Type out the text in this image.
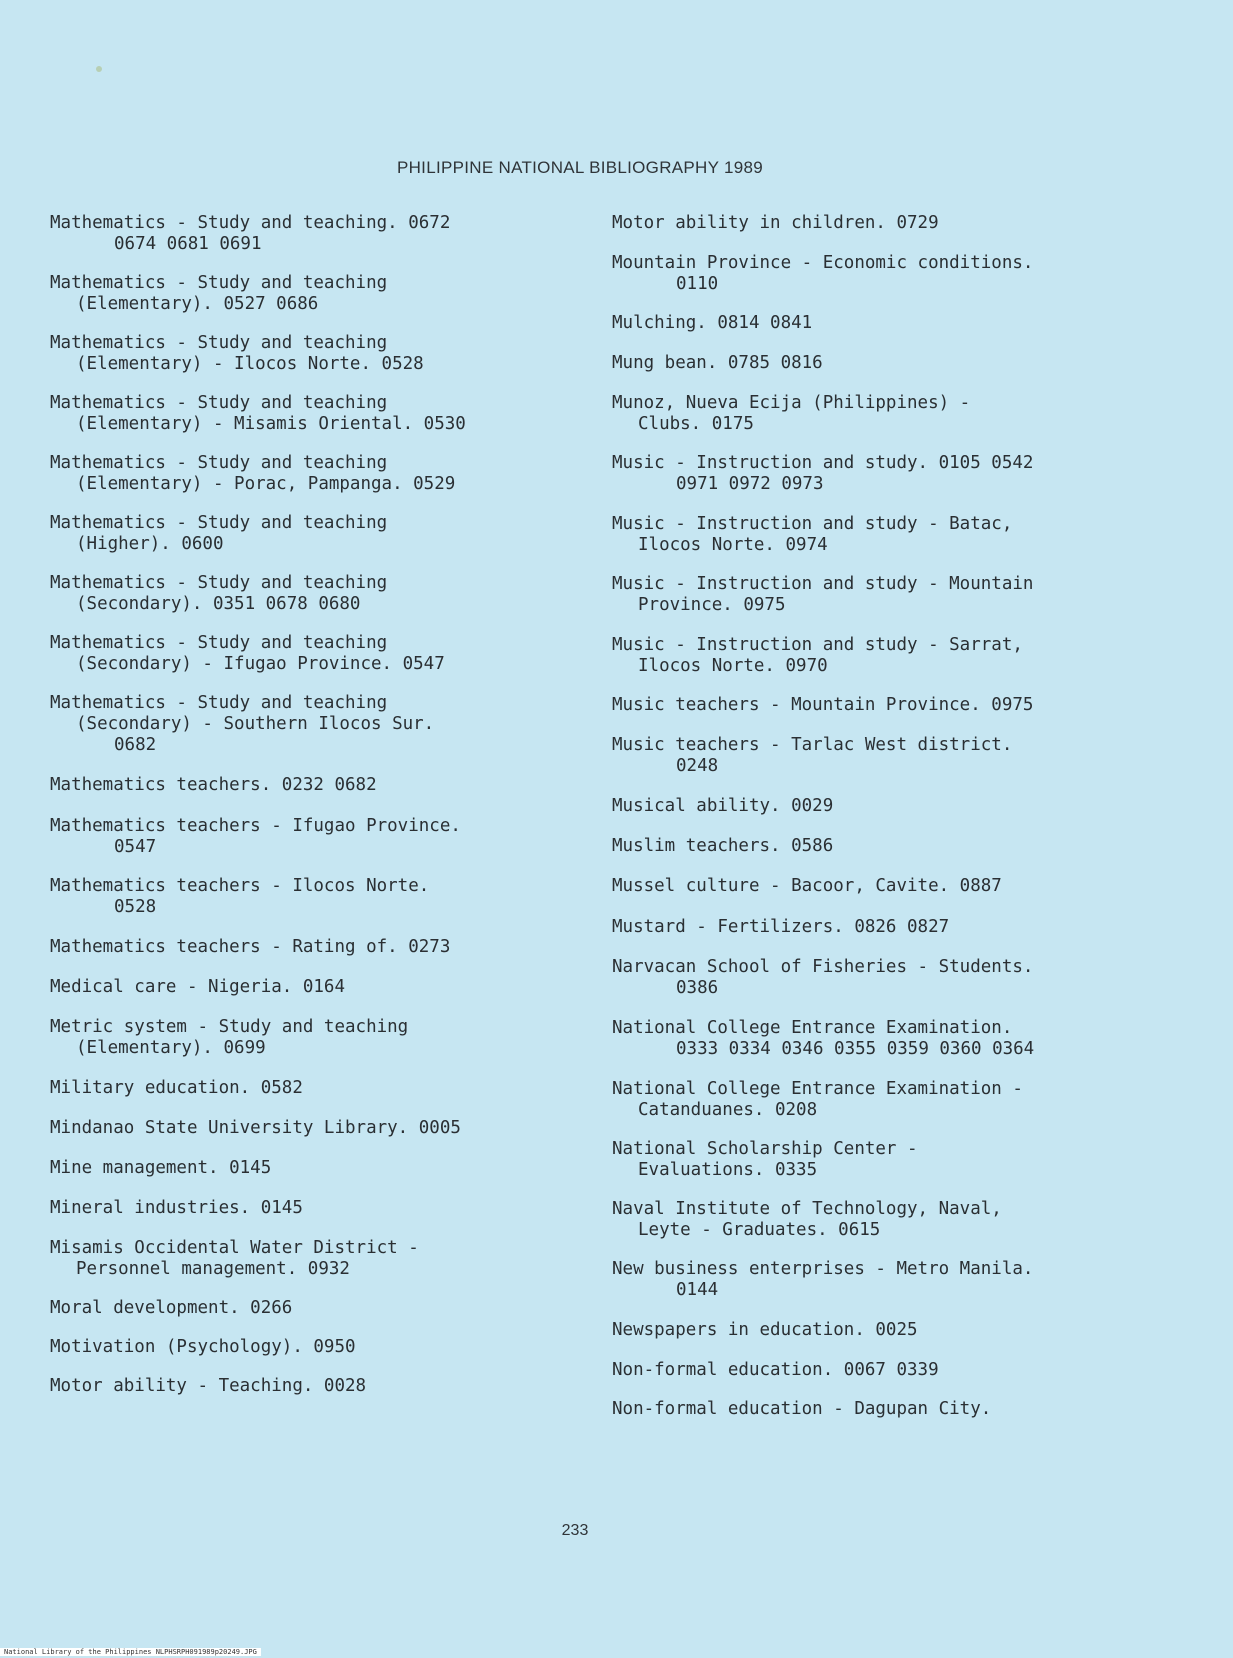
PHILIPPINE NATIONAL BIBLIOGRAPHY 1989
Mathematics - Study and teaching. 0672
0674 0681 0691
Mathematics - Study and teaching
(Elementary). 0527 0686
Mathematics - Study and teaching
(Elementary) - Ilocos Norte. 0528
Mathematics - Study and teaching
(Elementary) - Misamis Oriental. 0530
Mathematics - Study and teaching
(Elementary) - Porac, Pampanga. 0529
Mathematics - Study and teaching
(Higher). 0600
Mathematics - Study and teaching
(Secondary). 0351 0678 0680
Mathematics - Study and teaching
(Secondary) - Ifugao Province. 0547
Mathematics - Study and teaching
(Secondary) - Southern Ilocos Sur.
0682
Mathematics teachers. 0232 0682
Mathematics teachers - Ifugao Province.
0547
Mathematics teachers - Ilocos Norte.
0528
Mathematics teachers - Rating of. 0273
Medical care - Nigeria. 0164
Metric system - Study and teaching
(Elementary). 0699
Military education. 0582
Mindanao State University Library. 0005
Mine management. 0145
Mineral industries. 0145
Misamis Occidental Water District -
Personnel management. 0932
Moral development. 0266
Motivation (Psychology). 0950
Motor ability - Teaching. 0028
Motor ability in children. 0729
Mountain Province - Economic conditions.
0110
Mulching. 0814 0841
Mung bean. 0785 0816
Munoz, Nueva Ecija (Philippines) -
Clubs. 0175
Music - Instruction and study. 0105 0542
0971 0972 0973
Music - Instruction and study - Batac,
Ilocos Norte. 0974
Music - Instruction and study - Mountain
Province. 0975
Music - Instruction and study - Sarrat,
Ilocos Norte. 0970
Music teachers - Mountain Province. 0975
Music teachers - Tarlac West district.
0248
Musical ability. 0029
Muslim teachers. 0586
Mussel culture - Bacoor, Cavite. 0887
Mustard - Fertilizers. 0826 0827
Narvacan School of Fisheries - Students.
0386
National College Entrance Examination.
0333 0334 0346 0355 0359 0360 0364
National College Entrance Examination -
Catanduanes. 0208
National Scholarship Center -
Evaluations. 0335
Naval Institute of Technology, Naval,
Leyte - Graduates. 0615
New business enterprises - Metro Manila.
0144
Newspapers in education. 0025
Non-formal education. 0067 0339
Non-formal education - Dagupan City.
233
National Library of the Philippines NLPHSRPH091989p20249.JPG
